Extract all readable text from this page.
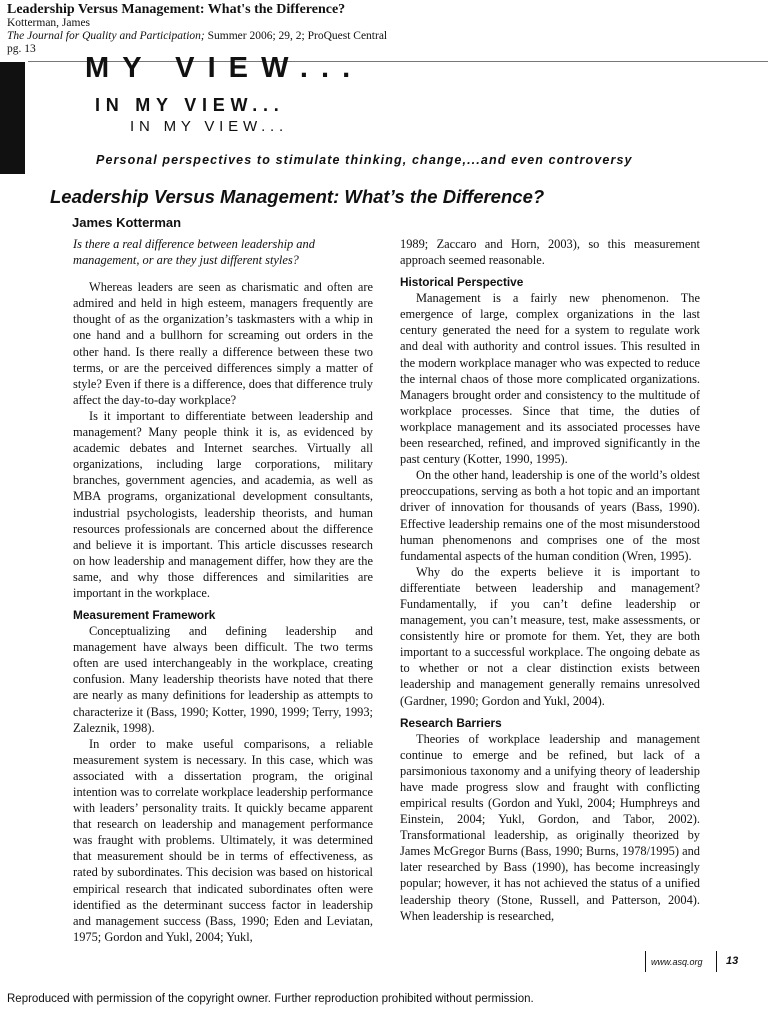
Leadership Versus Management: What's the Difference?
Kotterman, James
The Journal for Quality and Participation; Summer 2006; 29, 2; ProQuest Central
pg. 13
MY VIEW...
IN MY VIEW...
IN MY VIEW...
Personal perspectives to stimulate thinking, change,...and even controversy
Leadership Versus Management: What’s the Difference?
James Kotterman

Is there a real difference between leadership and management, or are they just different styles?

Whereas leaders are seen as charismatic and often are admired and held in high esteem, managers frequently are thought of as the organization’s taskmasters with a whip in one hand and a bullhorn for screaming out orders in the other hand. Is there really a difference between these two terms, or are the perceived differences simply a matter of style? Even if there is a difference, does that difference truly affect the day-to-day workplace?

Is it important to differentiate between leadership and management? Many people think it is, as evidenced by academic debates and Internet searches. Virtually all organizations, including large corporations, military branches, government agencies, and academia, as well as MBA programs, organizational development consultants, industrial psychologists, leadership theorists, and human resources professionals are concerned about the difference and believe it is important. This article discusses research on how leadership and management differ, how they are the same, and why those differences and similarities are important in the workplace.

Measurement Framework

Conceptualizing and defining leadership and management have always been difficult. The two terms often are used interchangeably in the workplace, creating confusion. Many leadership theorists have noted that there are nearly as many definitions for leadership as attempts to characterize it (Bass, 1990; Kotter, 1990, 1999; Terry, 1993; Zaleznik, 1998).

In order to make useful comparisons, a reliable measurement system is necessary. In this case, which was associated with a dissertation program, the original intention was to correlate workplace leadership performance with leaders’ personality traits. It quickly became apparent that research on leadership and management performance was fraught with problems. Ultimately, it was determined that measurement should be in terms of effectiveness, as rated by subordinates. This decision was based on historical empirical research that indicated subordinates often were identified as the determinant success factor in leadership and management success (Bass, 1990; Eden and Leviatan, 1975; Gordon and Yukl, 2004; Yukl,

1989; Zaccaro and Horn, 2003), so this measurement approach seemed reasonable.

Historical Perspective

Management is a fairly new phenomenon. The emergence of large, complex organizations in the last century generated the need for a system to regulate work and deal with authority and control issues. This resulted in the modern workplace manager who was expected to reduce the internal chaos of those more complicated organizations. Managers brought order and consistency to the multitude of workplace processes. Since that time, the duties of workplace management and its associated processes have been researched, refined, and improved significantly in the past century (Kotter, 1990, 1995).

On the other hand, leadership is one of the world’s oldest preoccupations, serving as both a hot topic and an important driver of innovation for thousands of years (Bass, 1990). Effective leadership remains one of the most misunderstood human phenomenons and comprises one of the most fundamental aspects of the human condition (Wren, 1995).

Why do the experts believe it is important to differentiate between leadership and management? Fundamentally, if you can’t define leadership or management, you can’t measure, test, make assessments, or consistently hire or promote for them. Yet, they are both important to a successful workplace. The ongoing debate as to whether or not a clear distinction exists between leadership and management generally remains unresolved (Gardner, 1990; Gordon and Yukl, 2004).

Research Barriers

Theories of workplace leadership and management continue to emerge and be refined, but lack of a parsimonious taxonomy and a unifying theory of leadership have made progress slow and fraught with conflicting empirical results (Gordon and Yukl, 2004; Humphreys and Einstein, 2004; Yukl, Gordon, and Tabor, 2002). Transformational leadership, as originally theorized by James McGregor Burns (Bass, 1990; Burns, 1978/1995) and later researched by Bass (1990), has become increasingly popular; however, it has not achieved the status of a unified leadership theory (Stone, Russell, and Patterson, 2004). When leadership is researched,

www.asq.org 13
Reproduced with permission of the copyright owner. Further reproduction prohibited without permission.
